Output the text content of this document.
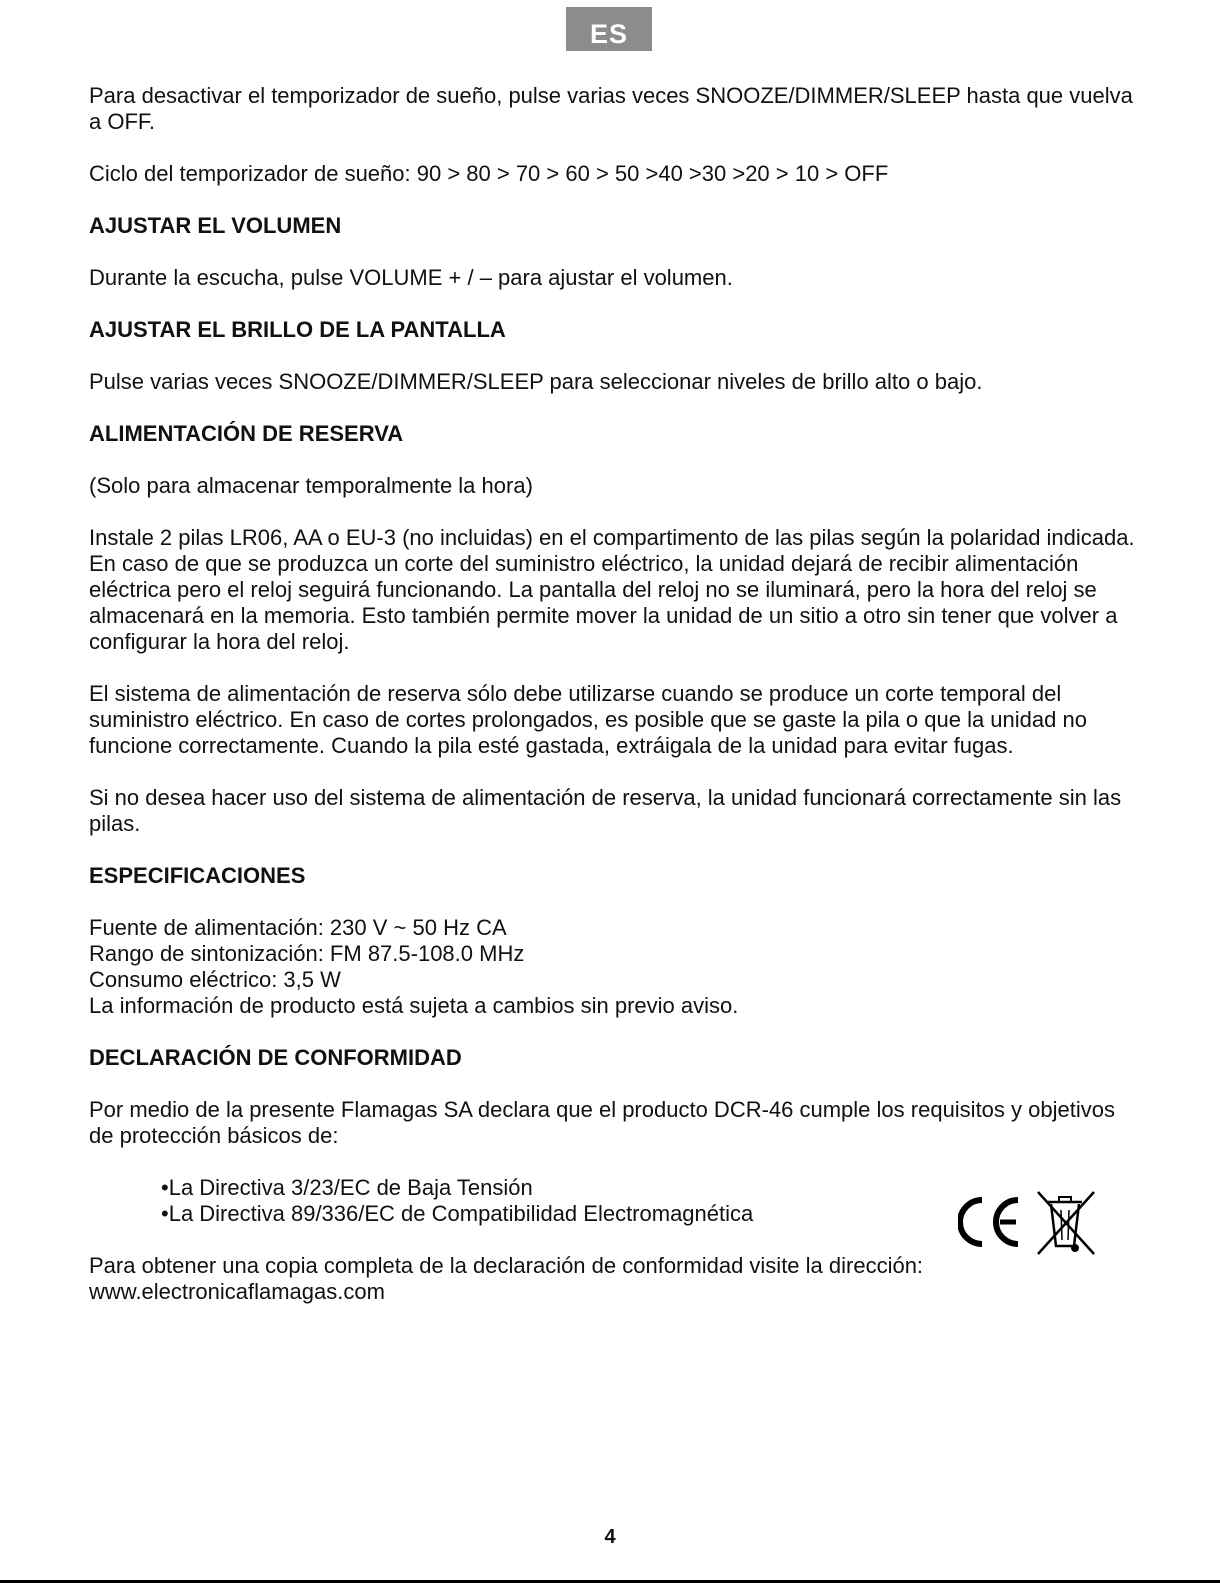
ES

Para desactivar el temporizador de sueño, pulse varias veces SNOOZE/DIMMER/SLEEP hasta que vuelva a OFF.

Ciclo del temporizador de sueño: 90 > 80 > 70 > 60 > 50 >40 >30 >20 > 10 > OFF

AJUSTAR EL VOLUMEN

Durante la escucha, pulse VOLUME + / – para ajustar el volumen.

AJUSTAR EL BRILLO DE LA PANTALLA

Pulse varias veces SNOOZE/DIMMER/SLEEP para seleccionar niveles de brillo alto o bajo.

ALIMENTACIÓN DE RESERVA

(Solo para almacenar temporalmente la hora)

Instale 2 pilas LR06, AA o EU-3 (no incluidas) en el compartimento de las pilas según la polaridad indicada. En caso de que se produzca un corte del suministro eléctrico, la unidad dejará de recibir alimentación eléctrica pero el reloj seguirá funcionando. La pantalla del reloj no se iluminará, pero la hora del reloj se almacenará en la memoria. Esto también permite mover la unidad de un sitio a otro sin tener que volver a configurar la hora del reloj.

El sistema de alimentación de reserva sólo debe utilizarse cuando se produce un corte temporal del suministro eléctrico. En caso de cortes prolongados, es posible que se gaste la pila o que la unidad no funcione correctamente. Cuando la pila esté gastada, extráigala de la unidad para evitar fugas.

Si no desea hacer uso del sistema de alimentación de reserva, la unidad funcionará correctamente sin las pilas.

ESPECIFICACIONES

Fuente de alimentación: 230 V ~ 50 Hz CA

Rango de sintonización: FM 87.5-108.0 MHz

Consumo eléctrico: 3,5 W

La información de producto está sujeta a cambios sin previo aviso.

DECLARACIÓN DE CONFORMIDAD

Por medio de la presente Flamagas SA declara que el producto DCR-46 cumple los requisitos y objetivos de protección básicos de:

• La Directiva 3/23/EC de Baja Tensión
• La Directiva 89/336/EC de Compatibilidad Electromagnética

Para obtener una copia completa de la declaración de conformidad visite la dirección:

www.electronicaflamagas.com

4
